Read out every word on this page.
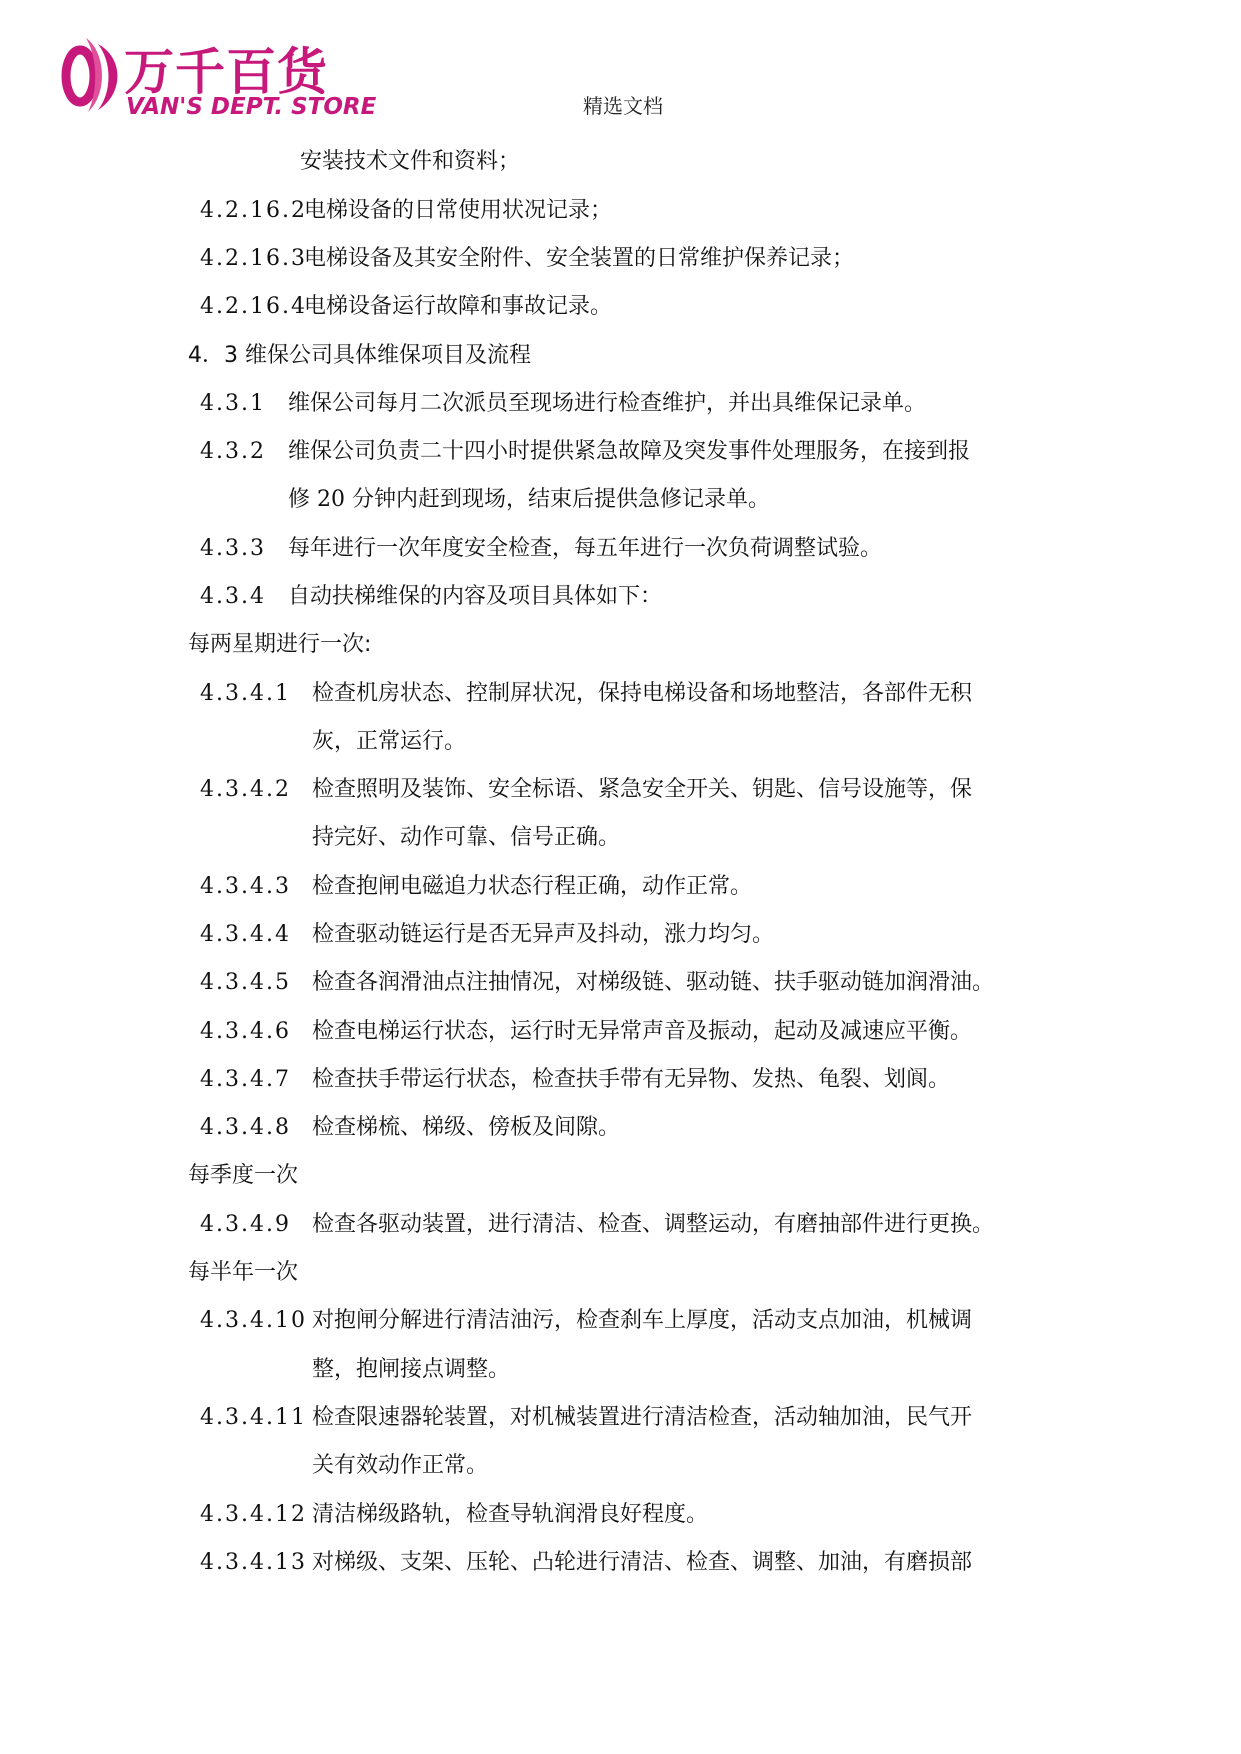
万千百货
VAN'S DEPT. STORE	精选文档
安装技术文件和资料；
4.2.16.2
电梯设备的日常使用状况记录；
4.2.16.3
电梯设备及其安全附件、安全装置的日常维护保养记录；
4.2.16.4
电梯设备运行故障和事故记录。
4．3 维保公司具体维保项目及流程
4.3.1 维保公司每月二次派员至现场进行检查维护，并出具维保记录单。
4.3.2 维保公司负责二十四小时提供紧急故障及突发事件处理服务，在接到报
修 20 分钟内赶到现场，结束后提供急修记录单。
4.3.3 每年进行一次年度安全检查，每五年进行一次负荷调整试验。
4.3.4 自动扶梯维保的内容及项目具体如下：
每两星期进行一次:
4.3.4.1 检查机房状态、控制屏状况，保持电梯设备和场地整洁，各部件无积
灰，正常运行。
4.3.4.2 检查照明及装饰、安全标语、紧急安全开关、钥匙、信号设施等，保
持完好、动作可靠、信号正确。
4.3.4.3 检查抱闸电磁追力状态行程正确，动作正常。
4.3.4.4 检查驱动链运行是否无异声及抖动，涨力均匀。
4.3.4.5 检查各润滑油点注抽情况，对梯级链、驱动链、扶手驱动链加润滑油。
4.3.4.6 检查电梯运行状态，运行时无异常声音及振动，起动及减速应平衡。
4.3.4.7 检查扶手带运行状态，检查扶手带有无异物、发热、龟裂、划阆。
4.3.4.8 检查梯梳、梯级、傍板及间隙。
每季度一次
4.3.4.9 检查各驱动装置，进行清洁、检查、调整运动，有磨抽部件进行更换。
每半年一次
4.3.4.10 对抱闸分解进行清洁油污，检查刹车上厚度，活动支点加油，机械调
整，抱闸接点调整。
4.3.4.11 检查限速器轮装置，对机械装置进行清洁检查，活动轴加油，民气开
关有效动作正常。
4.3.4.12 清洁梯级路轨，检查导轨润滑良好程度。
4.3.4.13 对梯级、支架、压轮、凸轮进行清洁、检查、调整、加油，有磨损部
